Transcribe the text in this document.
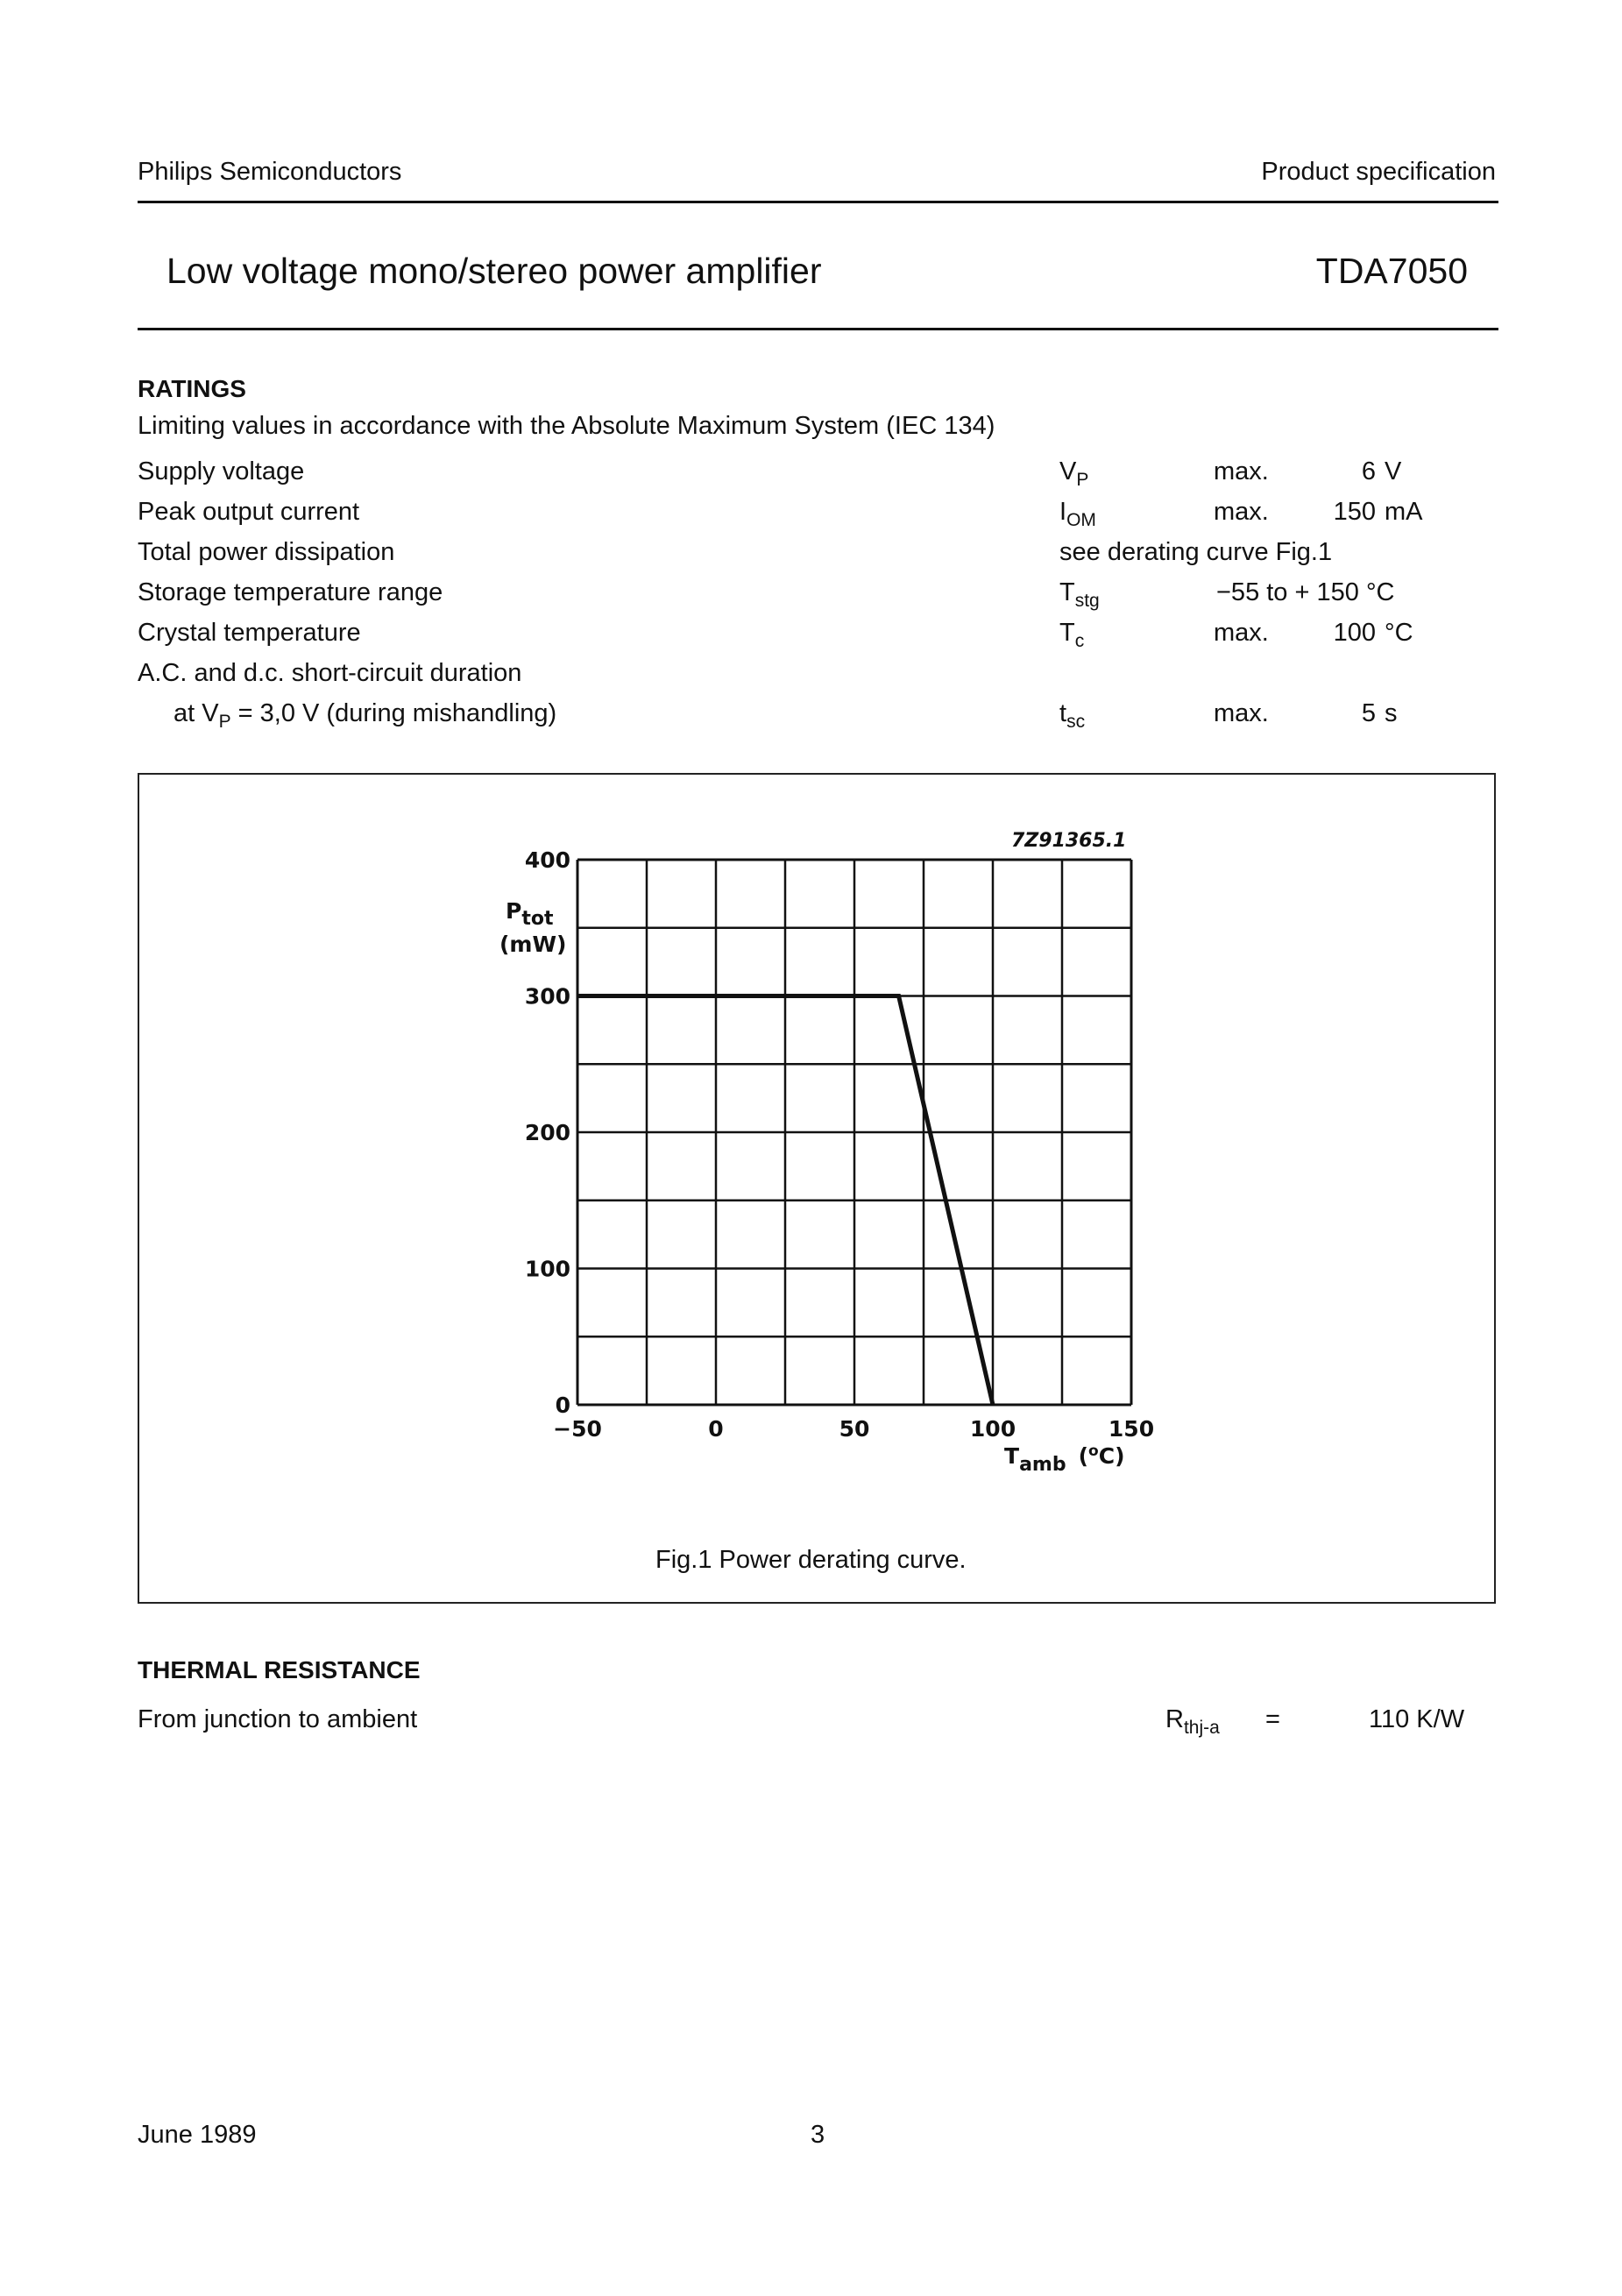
Philips Semiconductors	Product specification
Low voltage mono/stereo power amplifier	TDA7050
RATINGS
Limiting values in accordance with the Absolute Maximum System (IEC 134)
Supply voltage	$V_P$	max.	6 V
Peak output current	$I_{OM}$	max.	150 mA
Total power dissipation	see derating curve Fig.1
Storage temperature range	$T_{stg}$	−55 to + 150 °C
Crystal temperature	$T_c$	max.	100 °C
A.C. and d.c. short-circuit duration
at $V_P = 3,0$ V (during mishandling)	$t_{sc}$	max.	5 s
0
100
200
300
400
−50	0	50	100	150
7Z91365.1
Ptot
(mW)
Tamb ($^o$C)
Fig.1 Power derating curve.
THERMAL RESISTANCE
From junction to ambient	$R_{thj-a}$ =	110 K/W
June 1989	3
